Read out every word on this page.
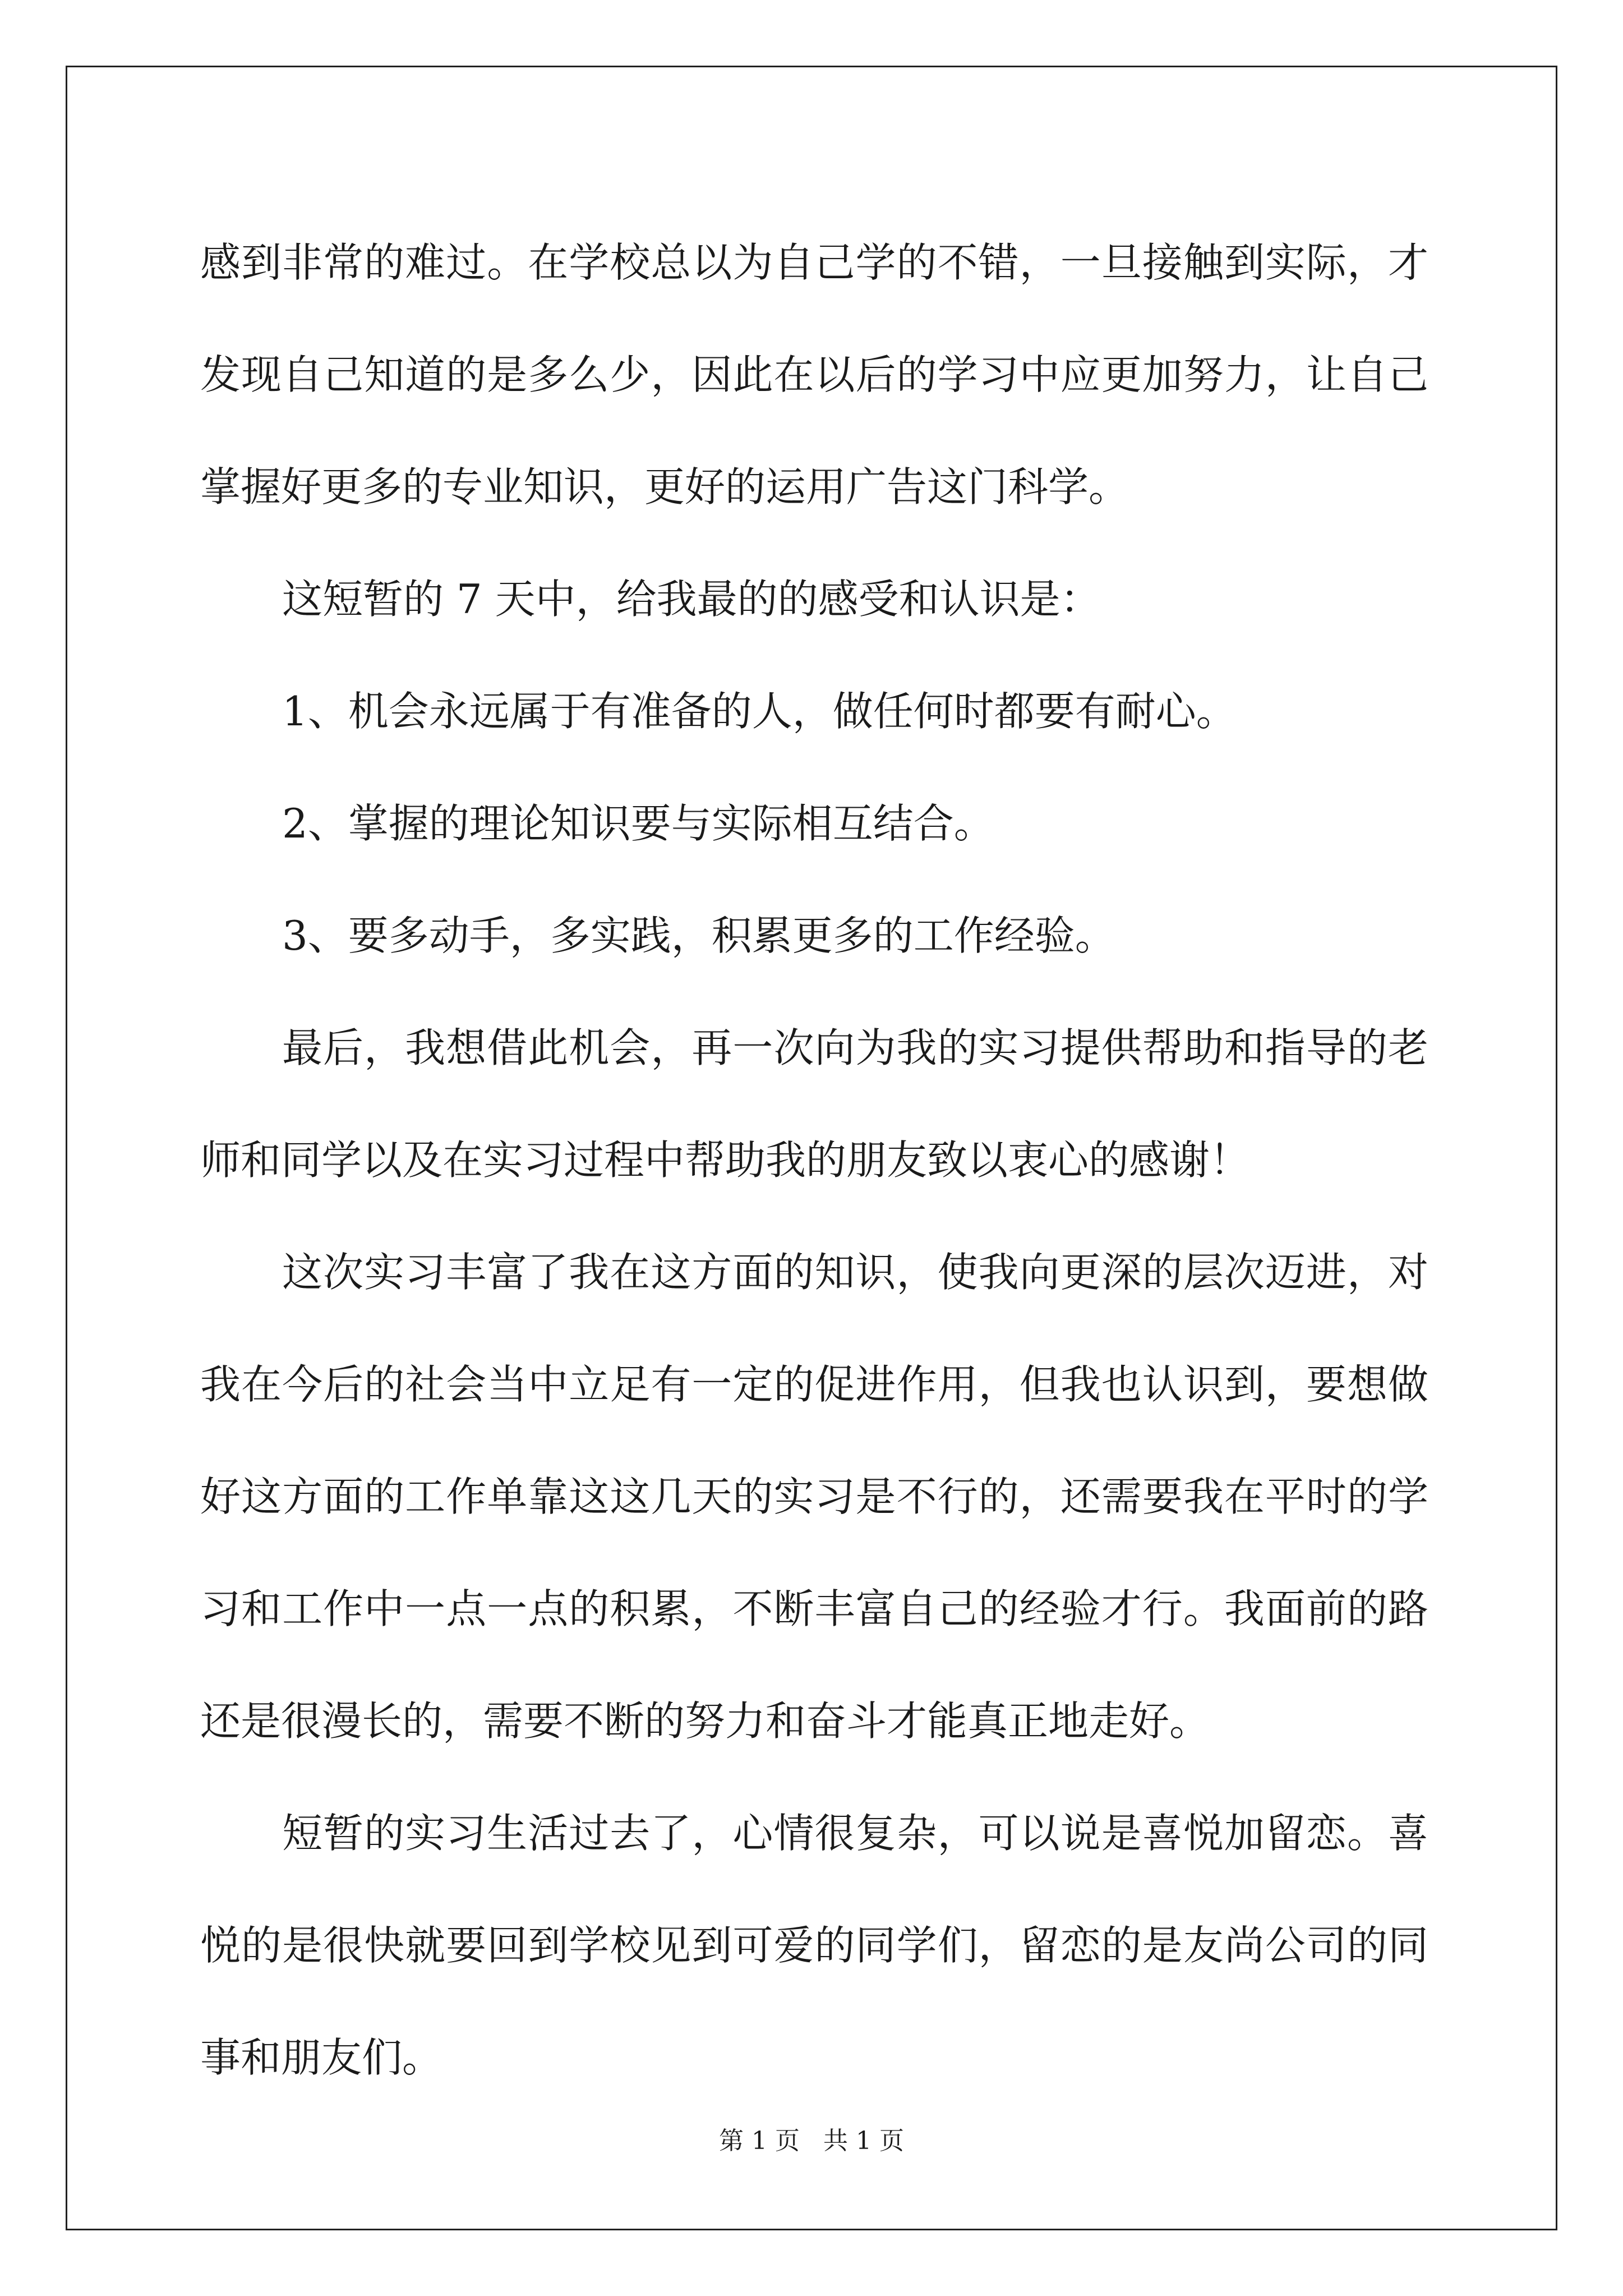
感到非常的难过。在学校总以为自己学的不错，一旦接触到实际，才
发现自己知道的是多么少，因此在以后的学习中应更加努力，让自己
掌握好更多的专业知识，更好的运用广告这门科学。
这短暂的 7 天中，给我最的的感受和认识是：
1、机会永远属于有准备的人，做任何时都要有耐心。
2、掌握的理论知识要与实际相互结合。
3、要多动手，多实践，积累更多的工作经验。
最后，我想借此机会，再一次向为我的实习提供帮助和指导的老
师和同学以及在实习过程中帮助我的朋友致以衷心的感谢！
这次实习丰富了我在这方面的知识，使我向更深的层次迈进，对
我在今后的社会当中立足有一定的促进作用，但我也认识到，要想做
好这方面的工作单靠这这几天的实习是不行的，还需要我在平时的学
习和工作中一点一点的积累，不断丰富自己的经验才行。我面前的路
还是很漫长的，需要不断的努力和奋斗才能真正地走好。
短暂的实习生活过去了，心情很复杂，可以说是喜悦加留恋。喜
悦的是很快就要回到学校见到可爱的同学们，留恋的是友尚公司的同
事和朋友们。
第 1 页   共 1 页
